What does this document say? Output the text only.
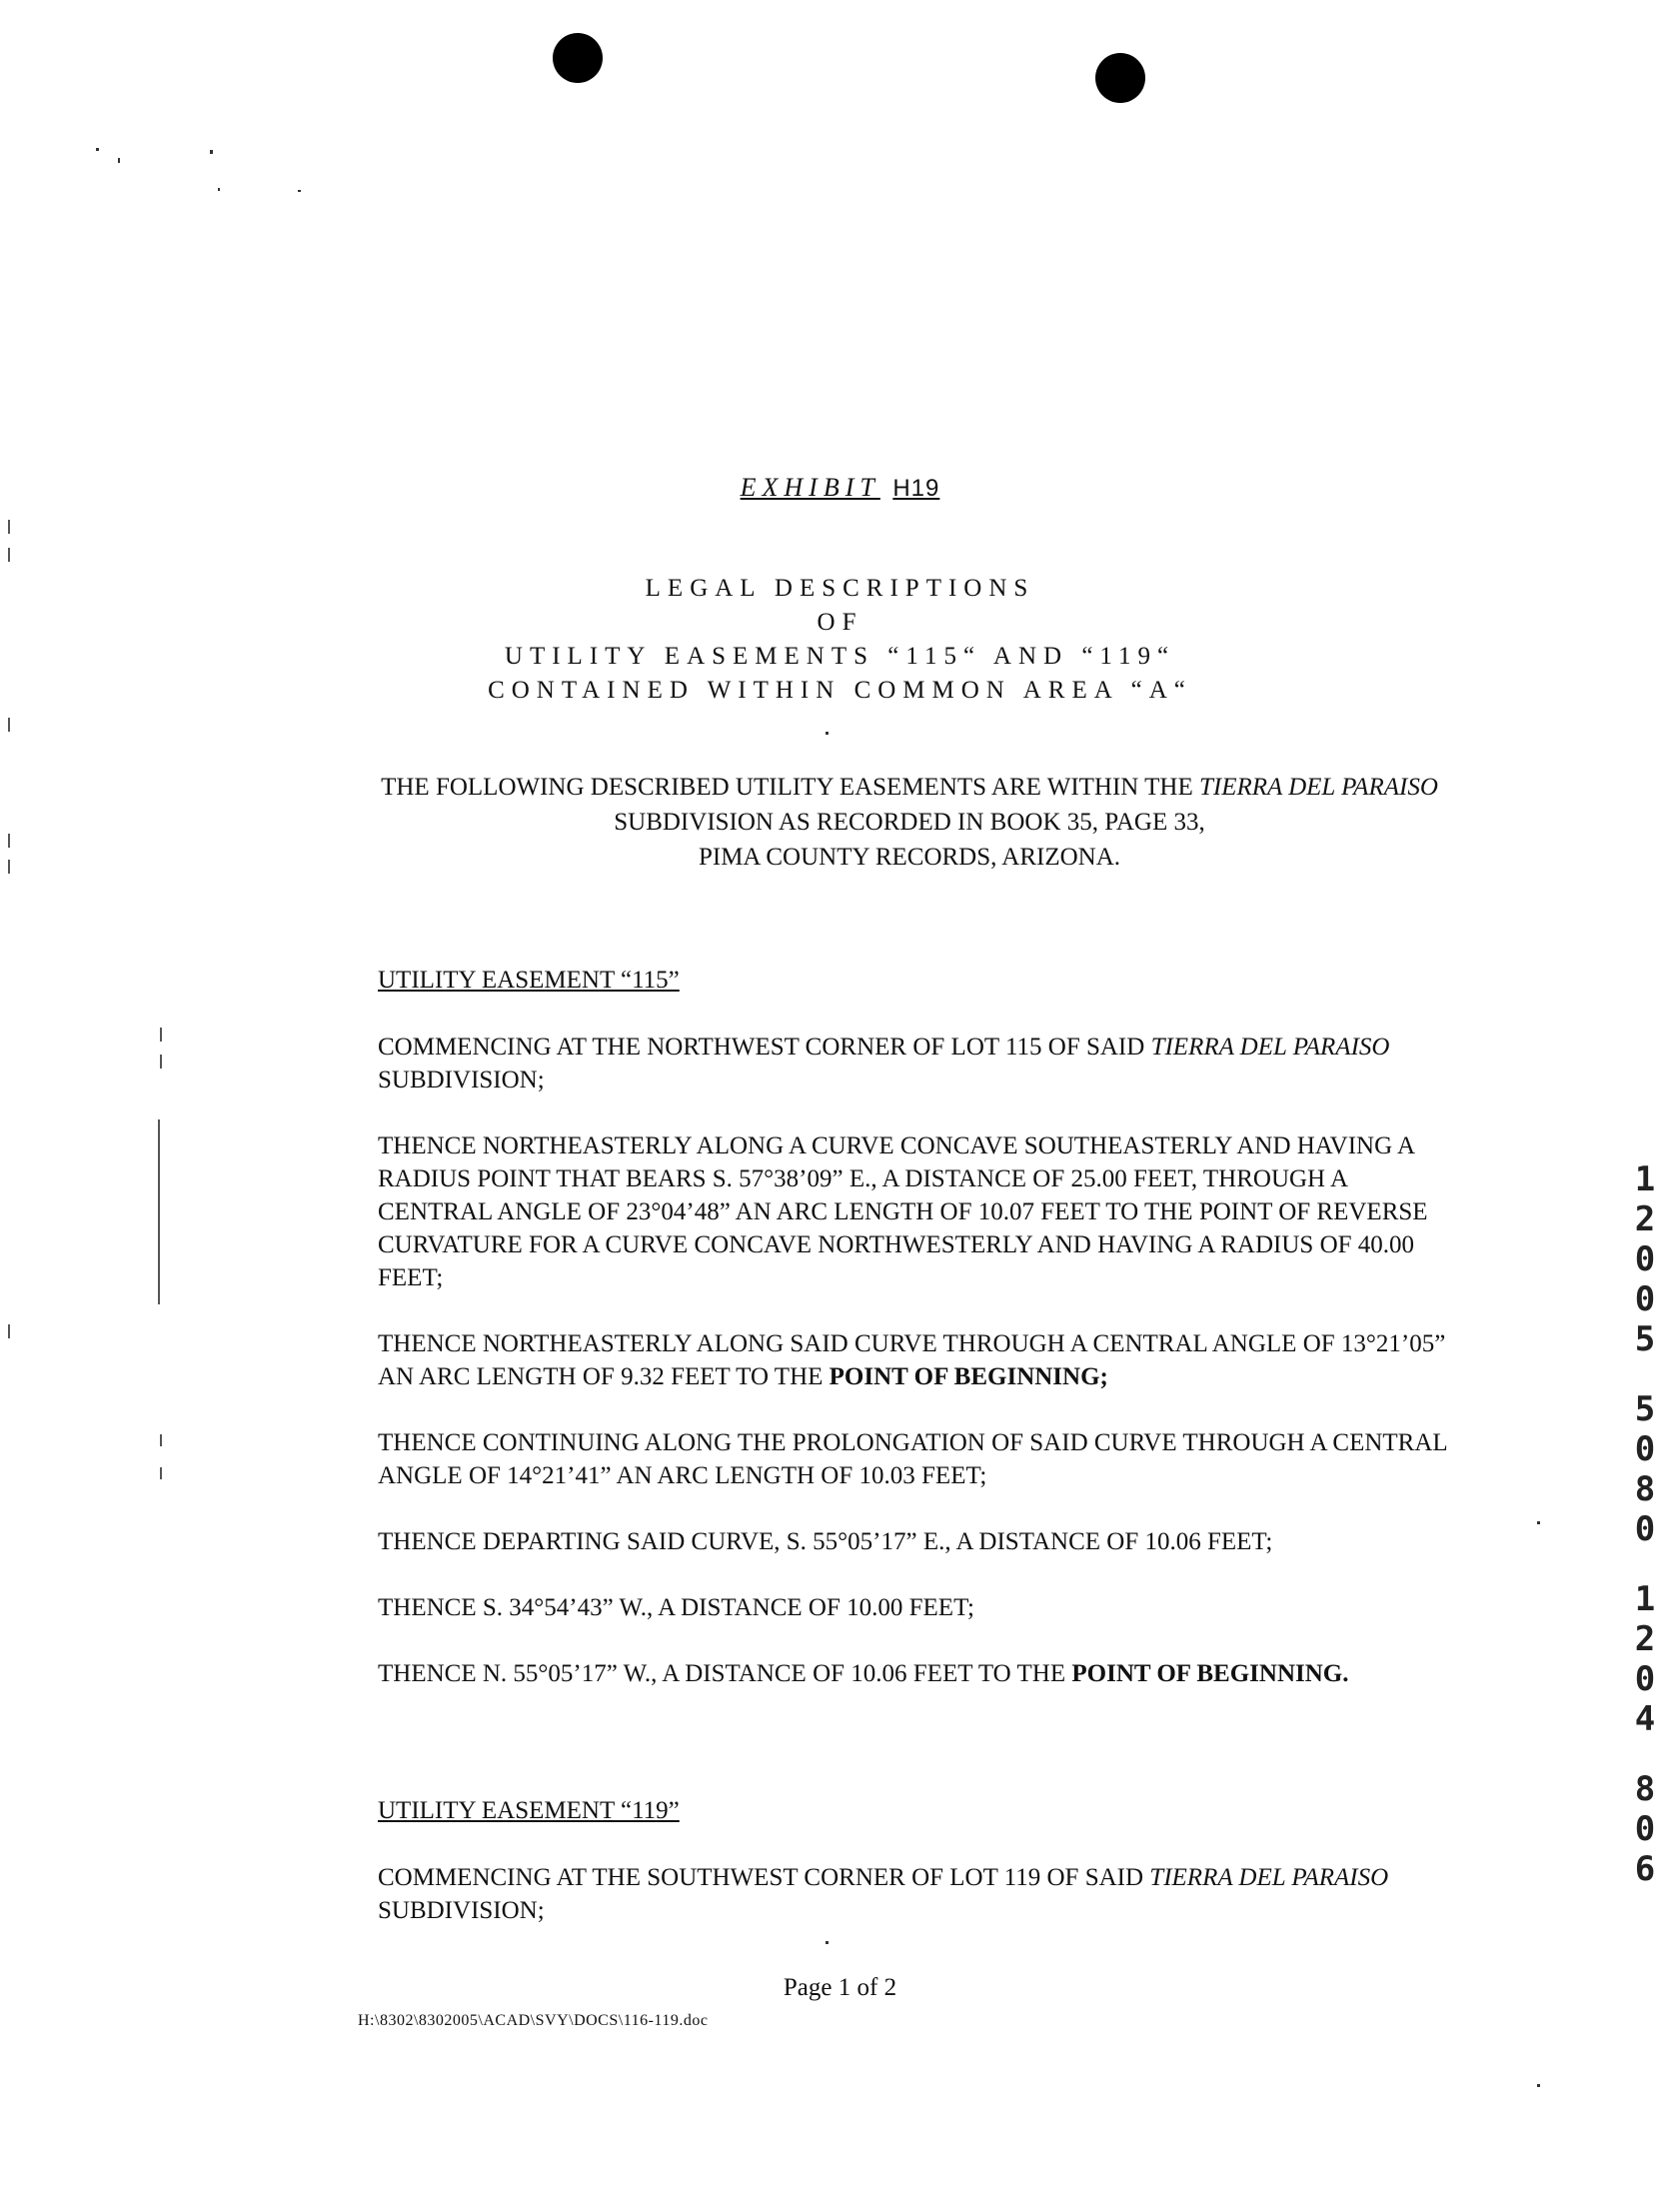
EXHIBIT H19
LEGAL DESCRIPTIONS
OF
UTILITY EASEMENTS “115“ AND “119“
CONTAINED WITHIN COMMON AREA “A“
THE FOLLOWING DESCRIBED UTILITY EASEMENTS ARE WITHIN THE TIERRA DEL PARAISO SUBDIVISION AS RECORDED IN BOOK 35, PAGE 33,
PIMA COUNTY RECORDS, ARIZONA.

UTILITY EASEMENT “115”

COMMENCING AT THE NORTHWEST CORNER OF LOT 115 OF SAID TIERRA DEL PARAISO SUBDIVISION;

THENCE NORTHEASTERLY ALONG A CURVE CONCAVE SOUTHEASTERLY AND HAVING A RADIUS POINT THAT BEARS S. 57°38’09” E., A DISTANCE OF 25.00 FEET, THROUGH A CENTRAL ANGLE OF 23°04’48” AN ARC LENGTH OF 10.07 FEET TO THE POINT OF REVERSE CURVATURE FOR A CURVE CONCAVE NORTHWESTERLY AND HAVING A RADIUS OF 40.00 FEET;

THENCE NORTHEASTERLY ALONG SAID CURVE THROUGH A CENTRAL ANGLE OF 13°21’05” AN ARC LENGTH OF 9.32 FEET TO THE POINT OF BEGINNING;

THENCE CONTINUING ALONG THE PROLONGATION OF SAID CURVE THROUGH A CENTRAL ANGLE OF 14°21’41” AN ARC LENGTH OF 10.03 FEET;

THENCE DEPARTING SAID CURVE, S. 55°05’17” E., A DISTANCE OF 10.06 FEET;

THENCE S. 34°54’43” W., A DISTANCE OF 10.00 FEET;

THENCE N. 55°05’17” W., A DISTANCE OF 10.06 FEET TO THE POINT OF BEGINNING.

UTILITY EASEMENT “119”

COMMENCING AT THE SOUTHWEST CORNER OF LOT 119 OF SAID TIERRA DEL PARAISO SUBDIVISION;

Page 1 of 2
H:\8302\8302005\ACAD\SVY\DOCS\116-119.doc
1
2
0
0
5
5
0
8
0
1
2
0
4
8
0
6
